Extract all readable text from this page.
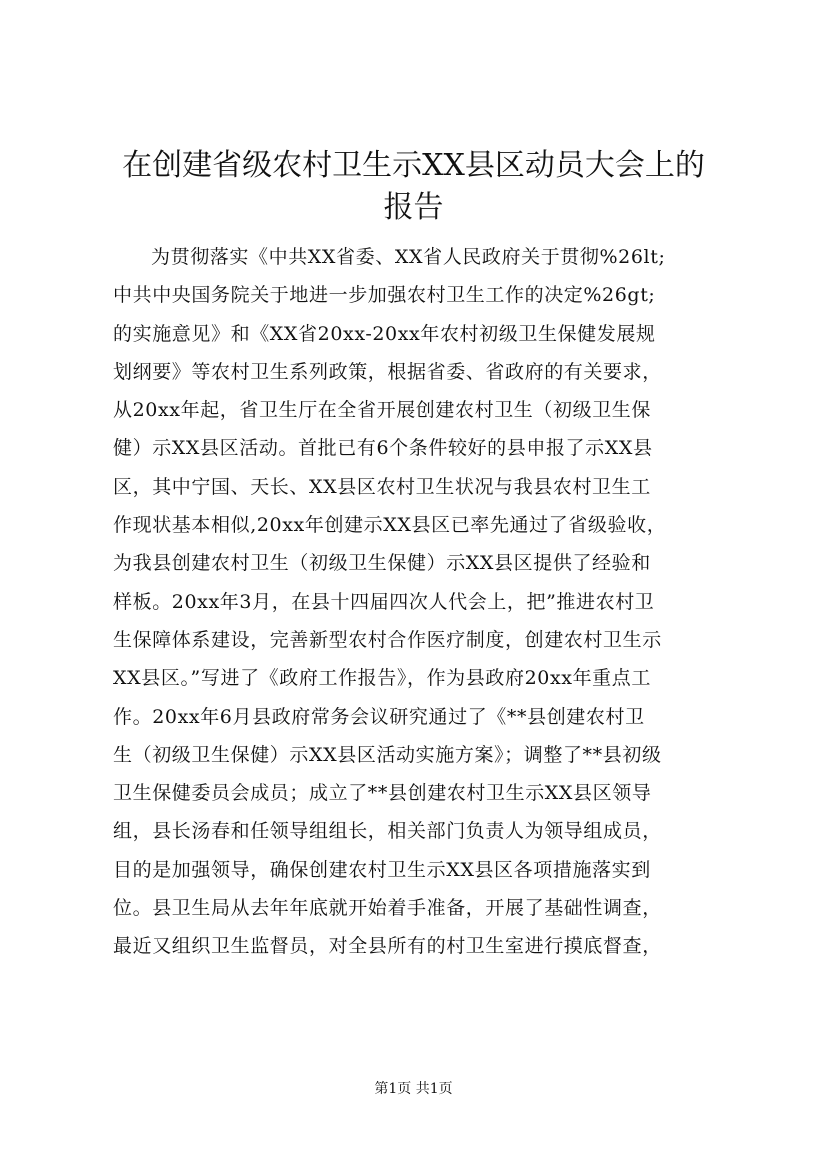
在创建省级农村卫生示XX县区动员大会上的
报告
为贯彻落实《中共XX省委、XX省人民政府关于贯彻%26lt;
中共中央国务院关于地进一步加强农村卫生工作的决定%26gt;
的实施意见》和《XX省20xx-20xx年农村初级卫生保健发展规
划纲要》等农村卫生系列政策，根据省委、省政府的有关要求，
从20xx年起，省卫生厅在全省开展创建农村卫生（初级卫生保
健）示XX县区活动。首批已有6个条件较好的县申报了示XX县
区，其中宁国、天长、XX县区农村卫生状况与我县农村卫生工
作现状基本相似,20xx年创建示XX县区已率先通过了省级验收，
为我县创建农村卫生（初级卫生保健）示XX县区提供了经验和
样板。20xx年3月，在县十四届四次人代会上，把”推进农村卫
生保障体系建设，完善新型农村合作医疗制度，创建农村卫生示
XX县区。”写进了《政府工作报告》，作为县政府20xx年重点工
作。20xx年6月县政府常务会议研究通过了《**县创建农村卫
生（初级卫生保健）示XX县区活动实施方案》；调整了**县初级
卫生保健委员会成员；成立了**县创建农村卫生示XX县区领导
组，县长汤春和任领导组组长，相关部门负责人为领导组成员，
目的是加强领导，确保创建农村卫生示XX县区各项措施落实到
位。县卫生局从去年年底就开始着手准备，开展了基础性调查，
最近又组织卫生监督员，对全县所有的村卫生室进行摸底督查，
第1页 共1页
